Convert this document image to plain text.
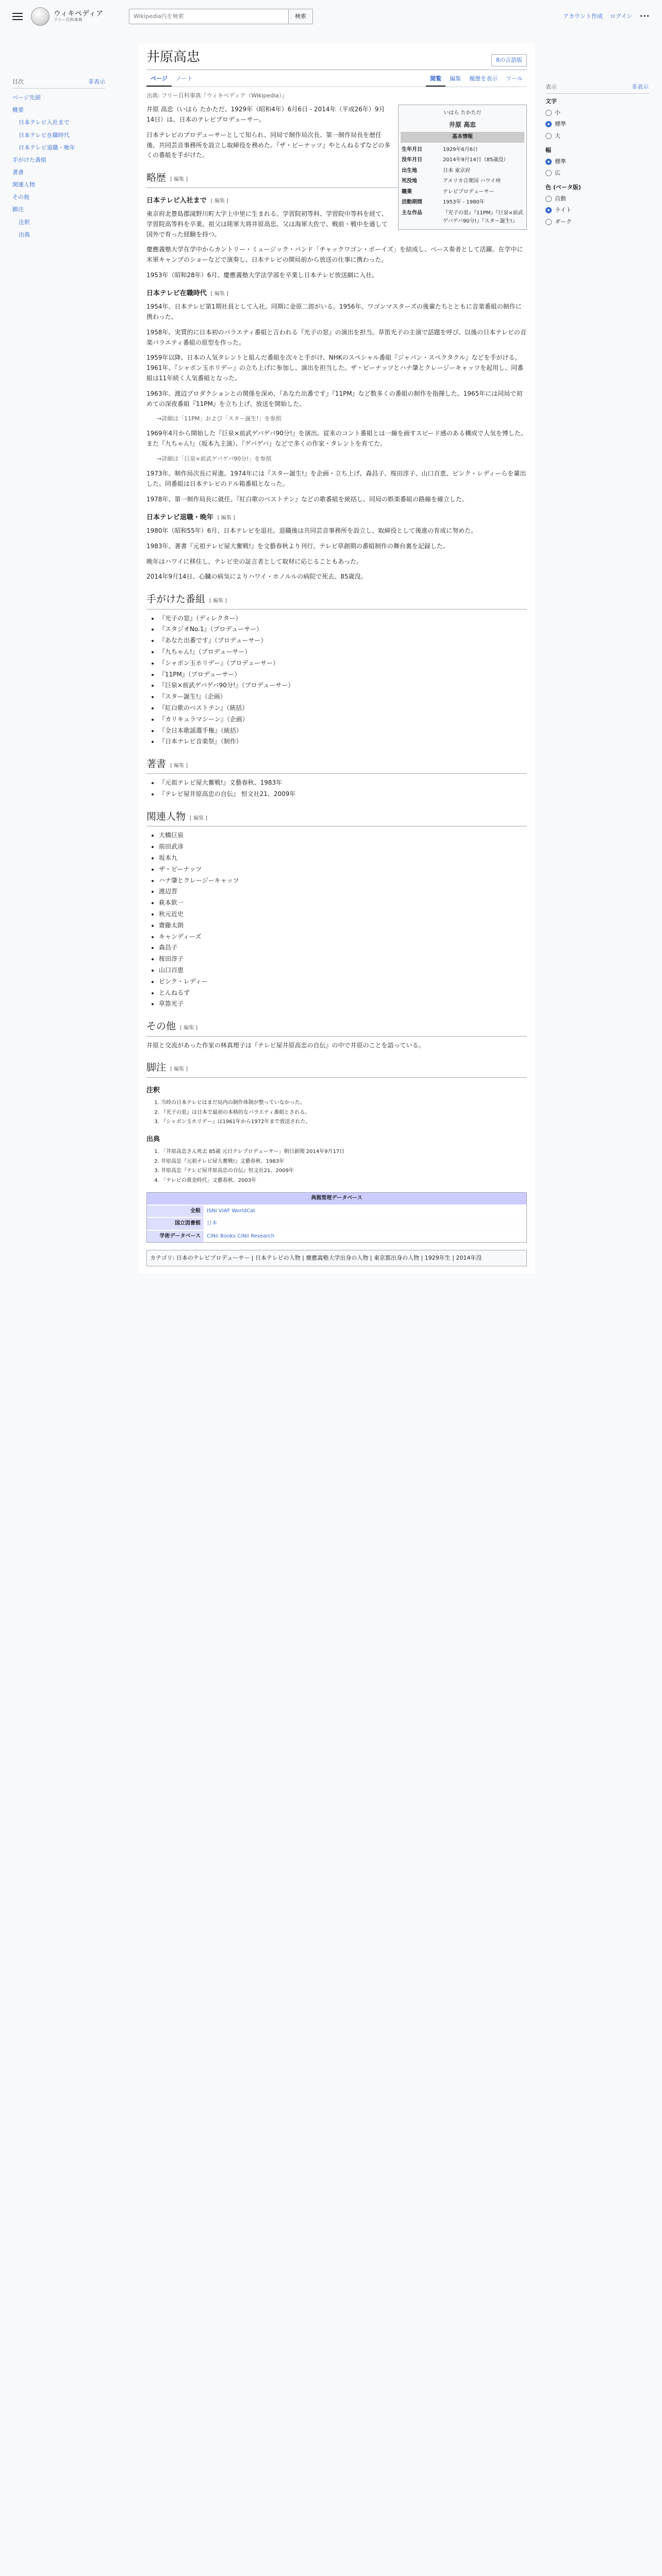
ウィキペディア
フリー百科事典
Wikipedia内を検索	検索	アカウント作成 ログイン •••
目次	非表示
ページ先頭
概要
日本テレビ入社まで
日本テレビ在職時代
日本テレビ退職・晩年
手がけた番組
著書
関連人物
その他
脚注
注釈
出典
表示	非表示
文字
小
標準
大
幅
標準
広
色 (ベータ版)
自動
ライト
ダーク
井原高忠	8の言語版
ページ	ノート	閲覧	編集	履歴を表示	ツール
出典: フリー百科事典『ウィキペディア（Wikipedia）』
いはら たかただ
井原 高忠
基本情報
生年月日	1929年6月6日
没年月日	2014年9月14日（85歳没）
出生地	日本 東京府
死没地	アメリカ合衆国 ハワイ州
職業	テレビプロデューサー
活動期間	1953年 - 1980年
主な作品	『光子の窓』『11PM』『巨泉×前武ゲバゲバ90分!』『スター誕生!』

井原 高忠（いはら たかただ、1929年（昭和4年）6月6日 - 2014年（平成26年）9月14日）は、日本のテレビプロデューサー。

日本テレビのプロデューサーとして知られ、同局で制作局次長、第一制作局長を歴任後、共同芸音事務所を設立し取締役を務めた。『ザ・ピーナッツ』やとんねるずなどの多くの番組を手がけた。

略歴 [ 編集 ]
日本テレビ入社まで [ 編集 ]

東京府北豊島郡滝野川町大字上中里に生まれる。学習院初等科、学習院中等科を経て、学習院高等科を卒業。祖父は陸軍大将井原高忠、父は海軍大佐で、戦前・戦中を通して国外で育った経験を持つ。

慶應義塾大学在学中からカントリー・ミュージック・バンド「チャックワゴン・ボーイズ」を結成し、ベース奏者として活躍。在学中に米軍キャンプのショーなどで演奏し、日本テレビの開局前から放送の仕事に携わった。

1953年（昭和28年）6月、慶應義塾大学法学部を卒業し日本テレビ放送網に入社。

日本テレビ在職時代 [ 編集 ]

1954年、日本テレビ第1期社員として入社。同期に金原二郎がいる。1956年、ワゴンマスターズの後輩たちとともに音楽番組の制作に携わった。

1958年、実質的に日本初のバラエティ番組と言われる『光子の窓』の演出を担当。草笛光子の主演で話題を呼び、以後の日本テレビの音楽バラエティ番組の原型を作った。

1959年以降、日本の人気タレントと組んだ番組を次々と手がけ、NHKのスペシャル番組『ジャパン・スペクタクル』などを手がける。1961年、『シャボン玉ホリデー』の立ち上げに参加し、演出を担当した。ザ・ピーナッツとハナ肇とクレージーキャッツを起用し、同番組は11年続く人気番組となった。

1963年、渡辺プロダクションとの関係を深め、『あなた出番です』『11PM』など数多くの番組の制作を指揮した。1965年には同局で初めての深夜番組『11PM』を立ち上げ、放送を開始した。

→詳細は「11PM」および「スター誕生!」を参照

1969年4月から開始した『巨泉×前武ゲバゲバ90分!』を演出。従来のコント番組とは一線を画すスピード感のある構成で人気を博した。また『九ちゃん!』（坂本九主演）、『ゲバゲバ』などで多くの作家・タレントを育てた。

→詳細は「巨泉×前武ゲバゲバ90分!」を参照

1973年、制作局次長に昇進。1974年には『スター誕生!』を企画・立ち上げ、森昌子、桜田淳子、山口百恵、ピンク・レディーらを輩出した。同番組は日本テレビのドル箱番組となった。

1978年、第一制作局長に就任。『紅白歌のベストテン』などの歌番組を統括し、同局の娯楽番組の路線を確立した。

日本テレビ退職・晩年 [ 編集 ]

1980年（昭和55年）6月、日本テレビを退社。退職後は共同芸音事務所を設立し、取締役として後進の育成に努めた。

1983年、著書『元祖テレビ屋大奮戦!』を文藝春秋より刊行。テレビ草創期の番組制作の舞台裏を記録した。

晩年はハワイに移住し、テレビ史の証言者として取材に応じることもあった。

2014年9月14日、心臓の病気によりハワイ・ホノルルの病院で死去。85歳没。

手がけた番組 [ 編集 ]
• 『光子の窓』（ディレクター）
• 『スタジオNo.1』（プロデューサー）
• 『あなた出番です』（プロデューサー）
• 『九ちゃん!』（プロデューサー）
• 『シャボン玉ホリデー』（プロデューサー）
• 『11PM』（プロデューサー）
• 『巨泉×前武ゲバゲバ90分!』（プロデューサー）
• 『スター誕生!』（企画）
• 『紅白歌のベストテン』（統括）
• 『カリキュラマシーン』（企画）
• 『全日本歌謡選手権』（統括）
• 『日本テレビ音楽祭』（制作）
著書 [ 編集 ]
• 『元祖テレビ屋大奮戦!』文藝春秋、1983年
• 『テレビ屋井原高忠の自伝』 恒文社21、2009年
関連人物 [ 編集 ]
• 大橋巨泉
• 前田武彦
• 坂本九
• ザ・ピーナッツ
• ハナ肇とクレージーキャッツ
• 渡辺晋
• 萩本欽一
• 秋元近史
• 齋藤太朗
• キャンディーズ
• 森昌子
• 桜田淳子
• 山口百恵
• ピンク・レディー
• とんねるず
• 草笛光子
その他 [ 編集 ]

井原と交流があった作家の林真理子は『テレビ屋井原高忠の自伝』の中で井原のことを語っている。

脚注 [ 編集 ]
注釈
1. 当時の日本テレビはまだ局内の制作体制が整っていなかった。
2. 『光子の窓』は日本で最初の本格的なバラエティ番組とされる。
3. 『シャボン玉ホリデー』は1961年から1972年まで放送された。
出典
1. 「井原高忠さん死去 85歳 元日テレプロデューサー」朝日新聞 2014年9月17日
2. 井原高忠『元祖テレビ屋大奮戦!』文藝春秋、1983年
3. 井原高忠『テレビ屋井原高忠の自伝』恒文社21、2009年
4. 「テレビの黄金時代」文藝春秋、2003年
典拠管理データベース
全般	ISNI VIAF WorldCat
国立図書館	日本
学術データベース	CiNii Books CiNii Research
カテゴリ: 日本のテレビプロデューサー | 日本テレビの人物 | 慶應義塾大学出身の人物 | 東京都出身の人物 | 1929年生 | 2014年没
